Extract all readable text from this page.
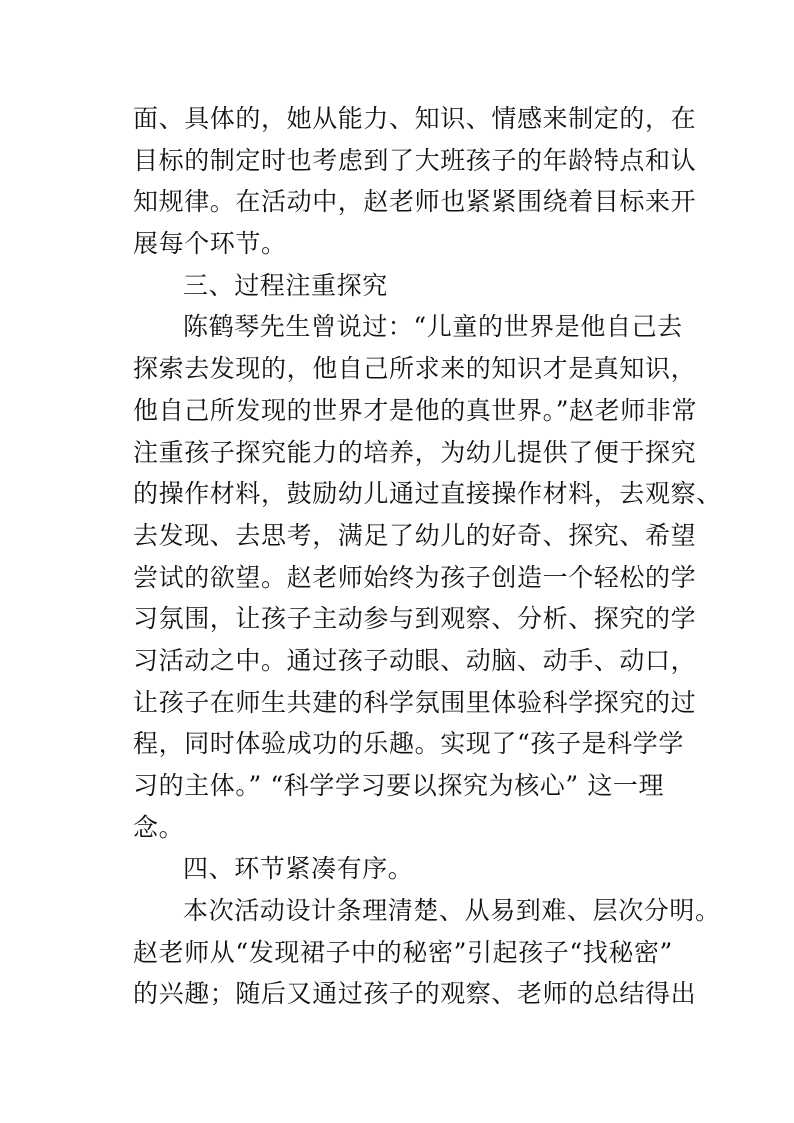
面、具体的，她从能力、知识、情感来制定的，在
目标的制定时也考虑到了大班孩子的年龄特点和认
知规律。在活动中，赵老师也紧紧围绕着目标来开
展每个环节。
三、过程注重探究
陈鹤琴先生曾说过：“儿童的世界是他自己去
探索去发现的，他自己所求来的知识才是真知识，
他自己所发现的世界才是他的真世界。”赵老师非常
注重孩子探究能力的培养，为幼儿提供了便于探究
的操作材料，鼓励幼儿通过直接操作材料，去观察、
去发现、去思考，满足了幼儿的好奇、探究、希望
尝试的欲望。赵老师始终为孩子创造一个轻松的学
习氛围，让孩子主动参与到观察、分析、探究的学
习活动之中。通过孩子动眼、动脑、动手、动口，
让孩子在师生共建的科学氛围里体验科学探究的过
程，同时体验成功的乐趣。实现了“孩子是科学学
习的主体。” “科学学习要以探究为核心” 这一理
念。
四、环节紧凑有序。
本次活动设计条理清楚、从易到难、层次分明。
赵老师从“发现裙子中的秘密”引起孩子“找秘密”
的兴趣；随后又通过孩子的观察、老师的总结得出
